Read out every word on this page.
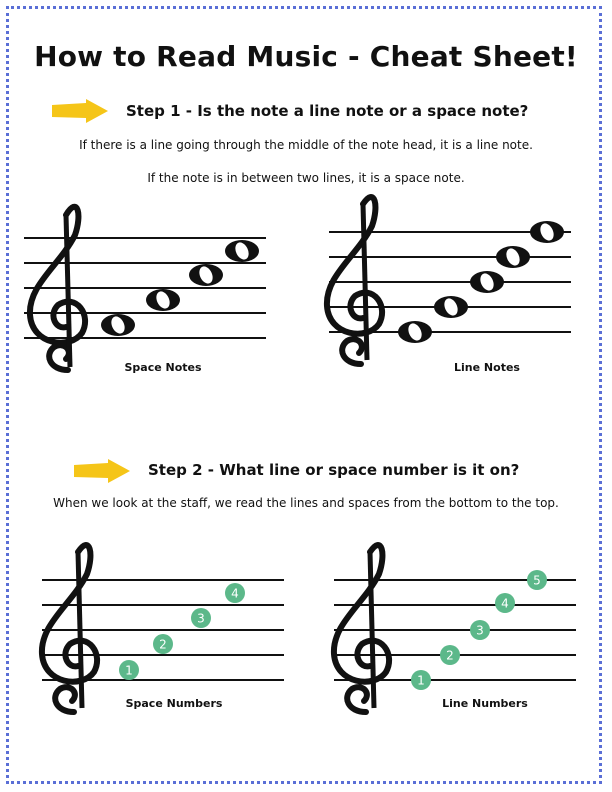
How to Read Music - Cheat Sheet!
Step 1 - Is the note a line note or a space note?
If there is a line going through the middle of the note head, it is a line note.
If the note is in between two lines, it is a space note.
Space Notes	Line Notes
Step 2 - What line or space number is it on?
When we look at the staff, we read the lines and spaces from the bottom to the top.
1
2
3
4
Space Numbers
1
2
3
4
5
Line Numbers
